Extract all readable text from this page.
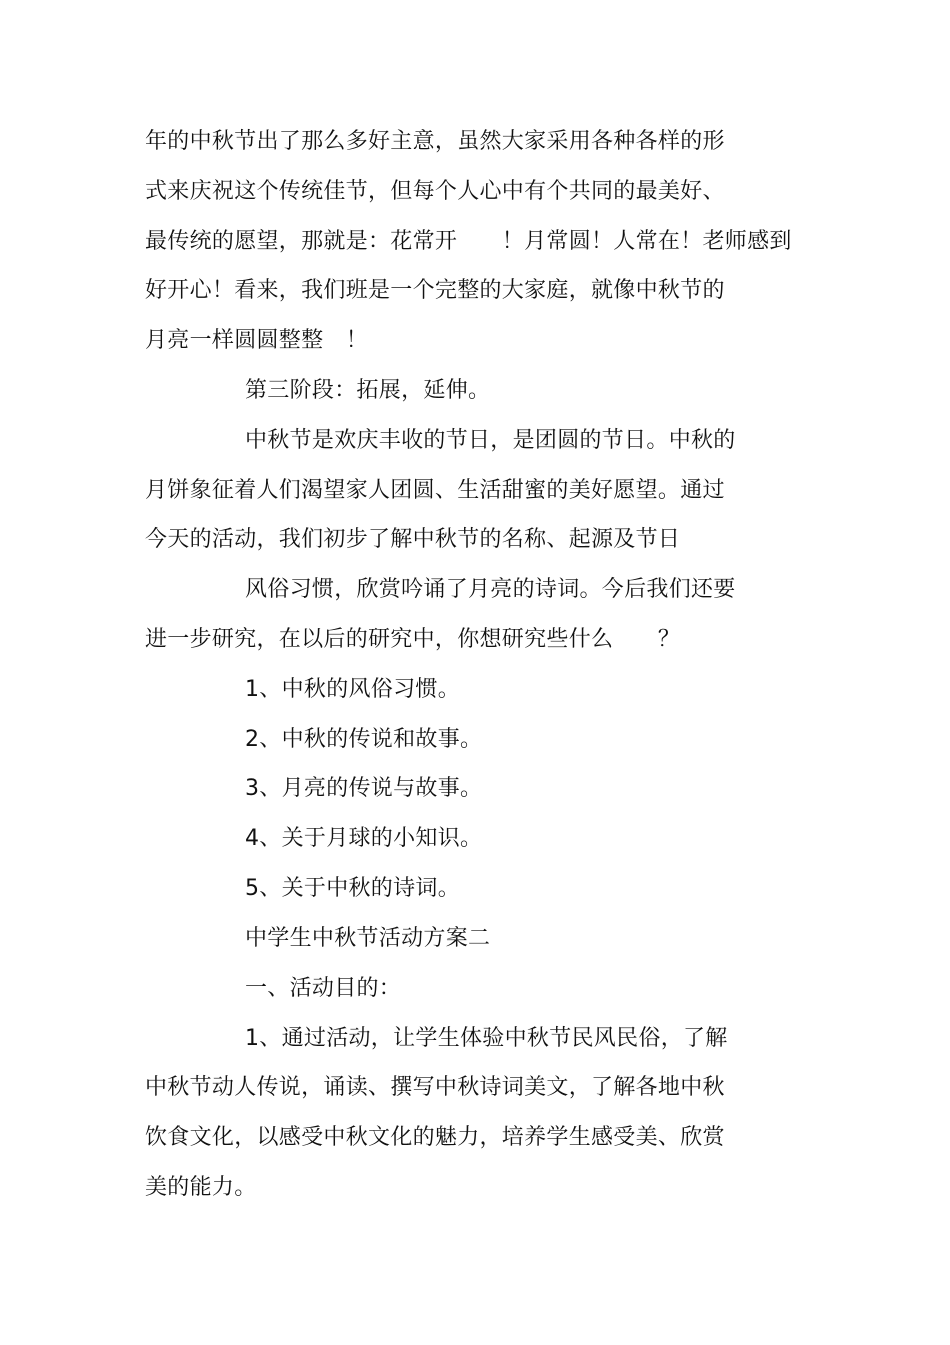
年的中秋节出了那么多好主意，虽然大家采用各种各样的形
式来庆祝这个传统佳节，但每个人心中有个共同的最美好、
最传统的愿望，那就是：花常开　　！月常圆！人常在！老师感到
好开心！看来，我们班是一个完整的大家庭，就像中秋节的
月亮一样圆圆整整　！
第三阶段：拓展，延伸。
中秋节是欢庆丰收的节日，是团圆的节日。中秋的
月饼象征着人们渴望家人团圆、生活甜蜜的美好愿望。通过
今天的活动，我们初步了解中秋节的名称、起源及节日
风俗习惯，欣赏吟诵了月亮的诗词。今后我们还要
进一步研究，在以后的研究中，你想研究些什么　　？
1、中秋的风俗习惯。
2、中秋的传说和故事。
3、月亮的传说与故事。
4、关于月球的小知识。
5、关于中秋的诗词。
中学生中秋节活动方案二
一、活动目的：
1、通过活动，让学生体验中秋节民风民俗，了解
中秋节动人传说，诵读、撰写中秋诗词美文，了解各地中秋
饮食文化，以感受中秋文化的魅力，培养学生感受美、欣赏
美的能力。
